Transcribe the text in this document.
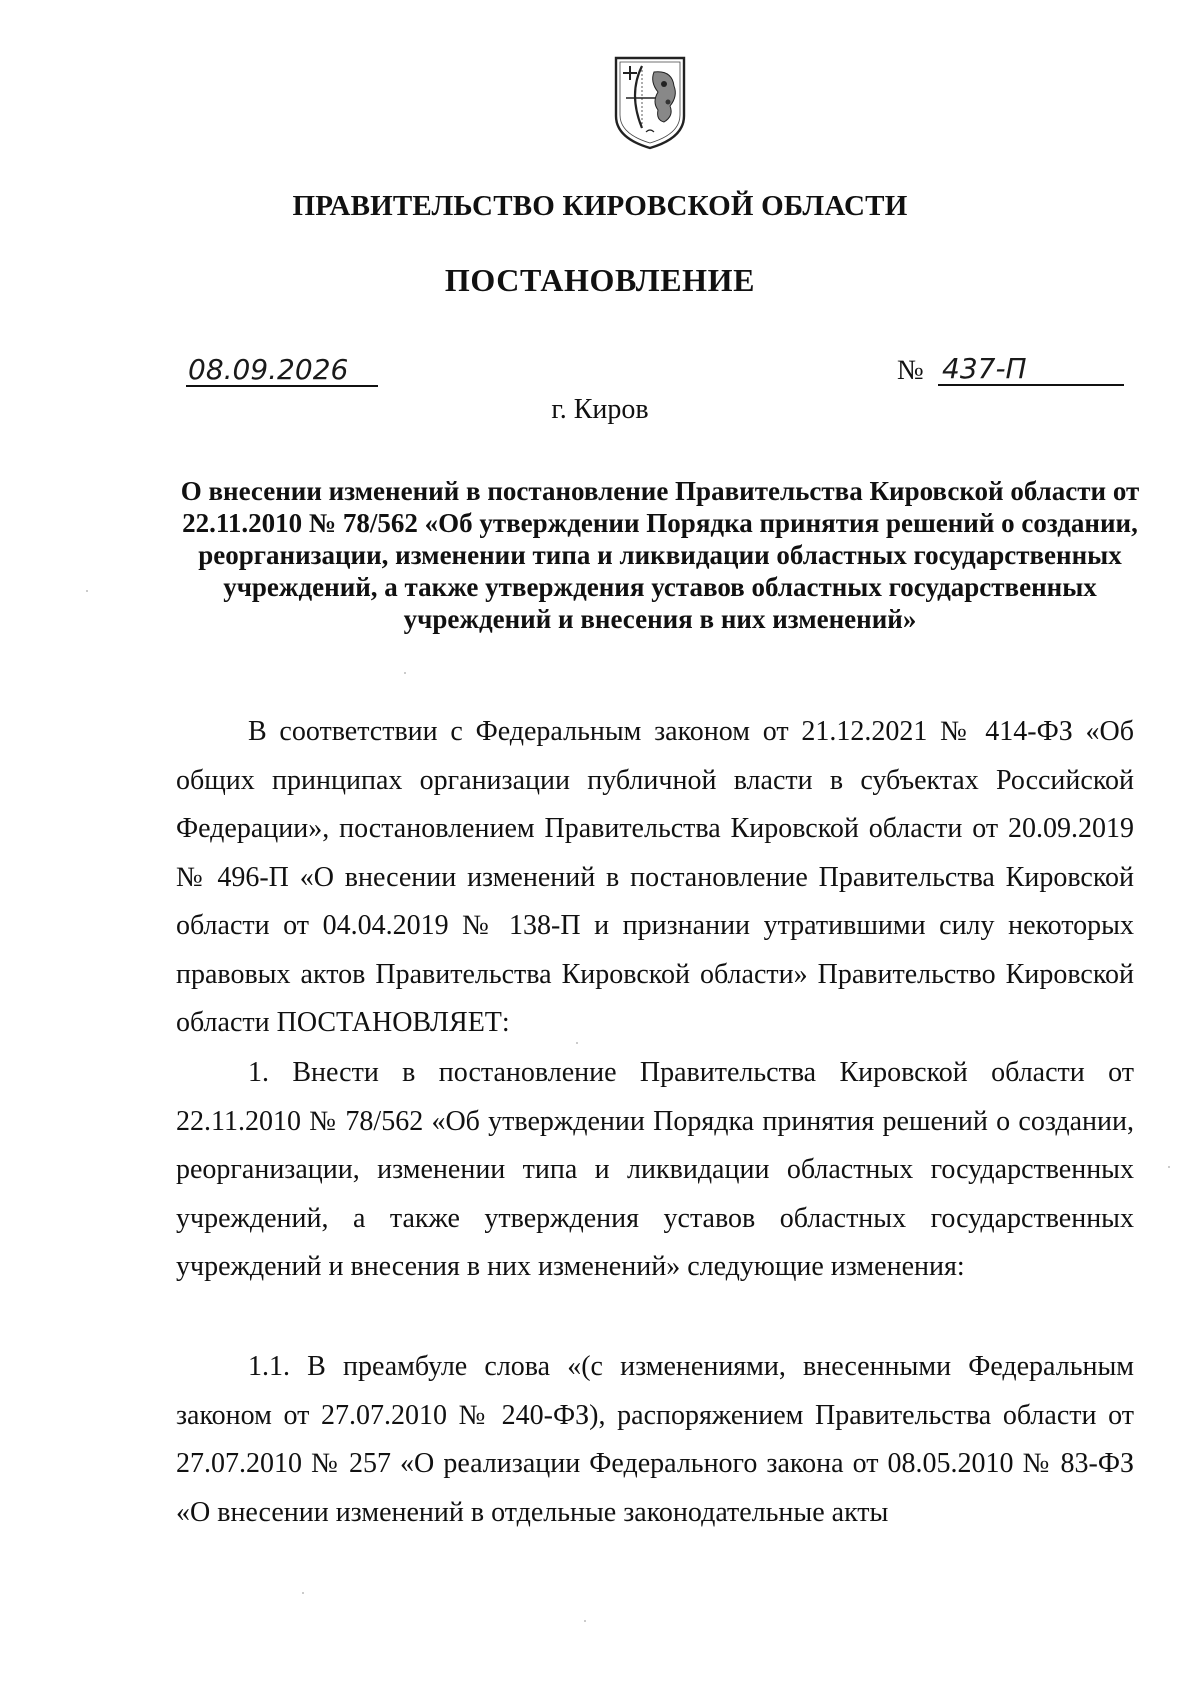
ПРАВИТЕЛЬСТВО КИРОВСКОЙ ОБЛАСТИ
ПОСТАНОВЛЕНИЕ
08.09.2026	№ 437-П
г. Киров
О внесении изменений в постановление Правительства Кировской области от 22.11.2010 № 78/562 «Об утверждении Порядка принятия решений о создании, реорганизации, изменении типа и ликвидации областных государственных учреждений, а также утверждения уставов областных государственных учреждений и внесения в них изменений»
В соответствии с Федеральным законом от 21.12.2021 № 414-ФЗ «Об общих принципах организации публичной власти в субъектах Российской Федерации», постановлением Правительства Кировской области от 20.09.2019 № 496-П «О внесении изменений в постановление Правительства Кировской области от 04.04.2019 № 138-П и признании утратившими силу некоторых правовых актов Правительства Кировской области» Правительство Кировской области ПОСТАНОВЛЯЕТ:
1. Внести в постановление Правительства Кировской области от 22.11.2010 № 78/562 «Об утверждении Порядка принятия решений о создании, реорганизации, изменении типа и ликвидации областных государственных учреждений, а также утверждения уставов областных государственных учреждений и внесения в них изменений» следующие изменения:
1.1. В преамбуле слова «(с изменениями, внесенными Федеральным законом от 27.07.2010 № 240-ФЗ), распоряжением Правительства области от 27.07.2010 № 257 «О реализации Федерального закона от 08.05.2010 № 83-ФЗ «О внесении изменений в отдельные законодательные акты
